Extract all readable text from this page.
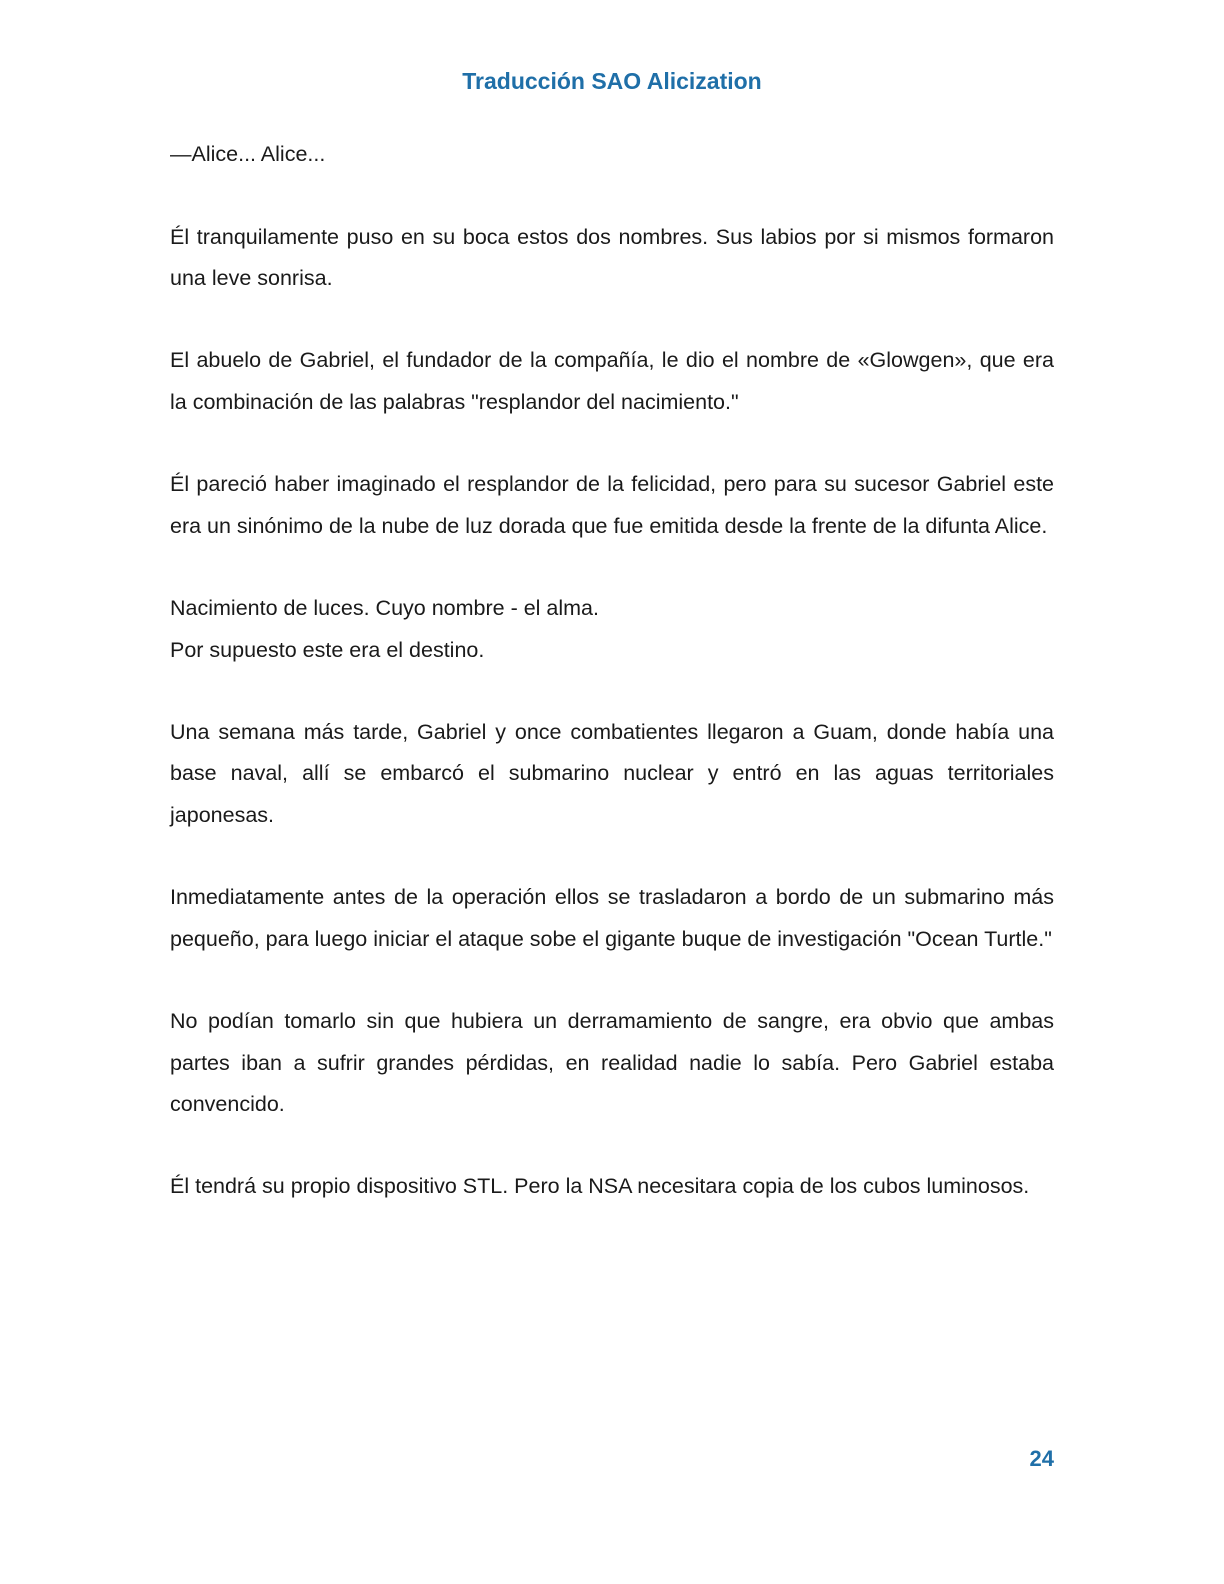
Traducción SAO Alicization

—Alice... Alice...

Él tranquilamente puso en su boca estos dos nombres. Sus labios por si mismos formaron una leve sonrisa.

El abuelo de Gabriel, el fundador de la compañía, le dio el nombre de «Glowgen», que era la combinación de las palabras "resplandor del nacimiento."

Él pareció haber imaginado el resplandor de la felicidad, pero para su sucesor Gabriel este era un sinónimo de la nube de luz dorada que fue emitida desde la frente de la difunta Alice.

Nacimiento de luces. Cuyo nombre - el alma.
Por supuesto este era el destino.

Una semana más tarde, Gabriel y once combatientes llegaron a Guam, donde había una base naval, allí se embarcó el submarino nuclear y entró en las aguas territoriales japonesas.

Inmediatamente antes de la operación ellos se trasladaron a bordo de un submarino más pequeño, para luego iniciar el ataque sobe el gigante buque de investigación "Ocean Turtle."

No podían tomarlo sin que hubiera un derramamiento de sangre, era obvio que ambas partes iban a sufrir grandes pérdidas, en realidad nadie lo sabía. Pero Gabriel estaba convencido.

Él tendrá su propio dispositivo STL. Pero la NSA necesitara copia de los cubos luminosos.

24
